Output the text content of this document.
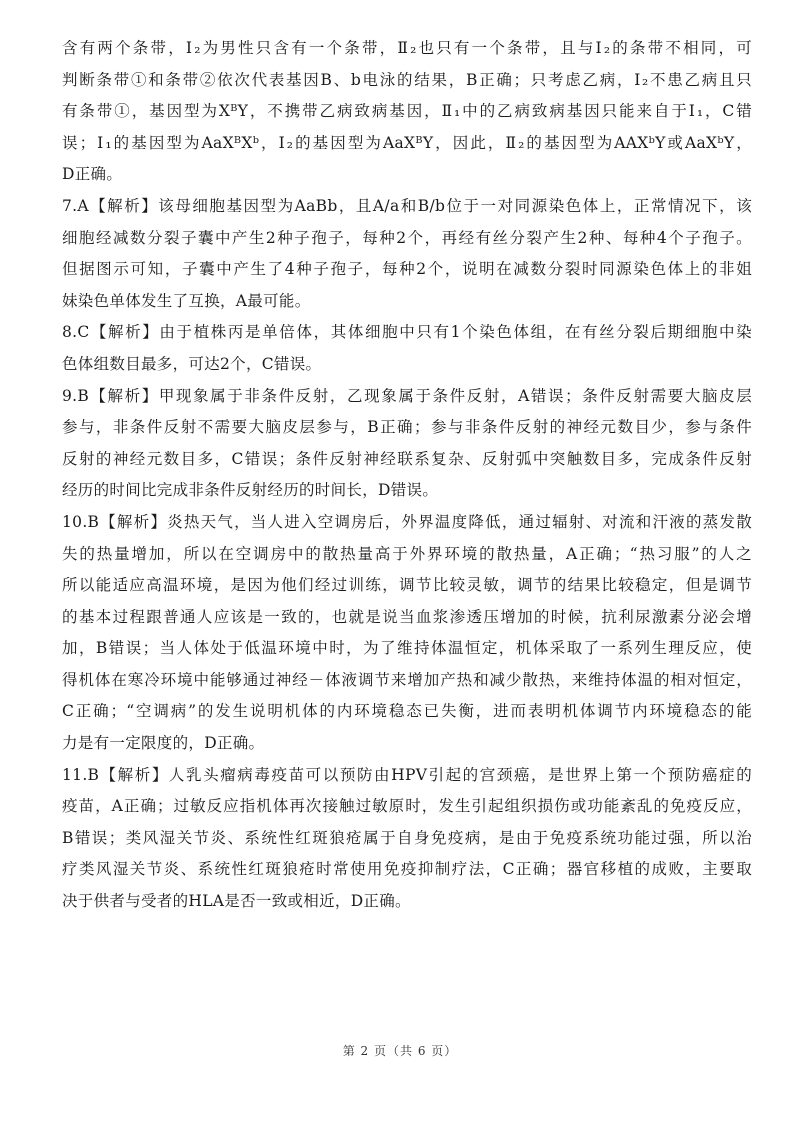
含有两个条带，Ⅰ₂为男性只含有一个条带，Ⅱ₂也只有一个条带，且与Ⅰ₂的条带不相同，可
判断条带①和条带②依次代表基因B、b电泳的结果，B正确；只考虑乙病，Ⅰ₂不患乙病且只
有条带①，基因型为XᴮY，不携带乙病致病基因，Ⅱ₁中的乙病致病基因只能来自于Ⅰ₁，C错
误；Ⅰ₁的基因型为AaXᴮXᵇ，Ⅰ₂的基因型为AaXᴮY，因此，Ⅱ₂的基因型为AAXᵇY或AaXᵇY，
D正确。

7.A【解析】该母细胞基因型为AaBb，且A/a和B/b位于一对同源染色体上，正常情况下，该
细胞经减数分裂子囊中产生2种子孢子，每种2个，再经有丝分裂产生2种、每种4个子孢子。
但据图示可知，子囊中产生了4种子孢子，每种2个，说明在减数分裂时同源染色体上的非姐
妹染色单体发生了互换，A最可能。

8.C【解析】由于植株丙是单倍体，其体细胞中只有1个染色体组，在有丝分裂后期细胞中染
色体组数目最多，可达2个，C错误。

9.B【解析】甲现象属于非条件反射，乙现象属于条件反射，A错误；条件反射需要大脑皮层
参与，非条件反射不需要大脑皮层参与，B正确；参与非条件反射的神经元数目少，参与条件
反射的神经元数目多，C错误；条件反射神经联系复杂、反射弧中突触数目多，完成条件反射
经历的时间比完成非条件反射经历的时间长，D错误。

10.B【解析】炎热天气，当人进入空调房后，外界温度降低，通过辐射、对流和汗液的蒸发散
失的热量增加，所以在空调房中的散热量高于外界环境的散热量，A正确；“热习服”的人之
所以能适应高温环境，是因为他们经过训练，调节比较灵敏，调节的结果比较稳定，但是调节
的基本过程跟普通人应该是一致的，也就是说当血浆渗透压增加的时候，抗利尿激素分泌会增
加，B错误；当人体处于低温环境中时，为了维持体温恒定，机体采取了一系列生理反应，使
得机体在寒冷环境中能够通过神经－体液调节来增加产热和减少散热，来维持体温的相对恒定，
C正确；“空调病”的发生说明机体的内环境稳态已失衡，进而表明机体调节内环境稳态的能
力是有一定限度的，D正确。

11.B【解析】人乳头瘤病毒疫苗可以预防由HPV引起的宫颈癌，是世界上第一个预防癌症的
疫苗，A正确；过敏反应指机体再次接触过敏原时，发生引起组织损伤或功能紊乱的免疫反应，
B错误；类风湿关节炎、系统性红斑狼疮属于自身免疫病，是由于免疫系统功能过强，所以治
疗类风湿关节炎、系统性红斑狼疮时常使用免疫抑制疗法，C正确；器官移植的成败，主要取
决于供者与受者的HLA是否一致或相近，D正确。

第 2 页（共 6 页）
